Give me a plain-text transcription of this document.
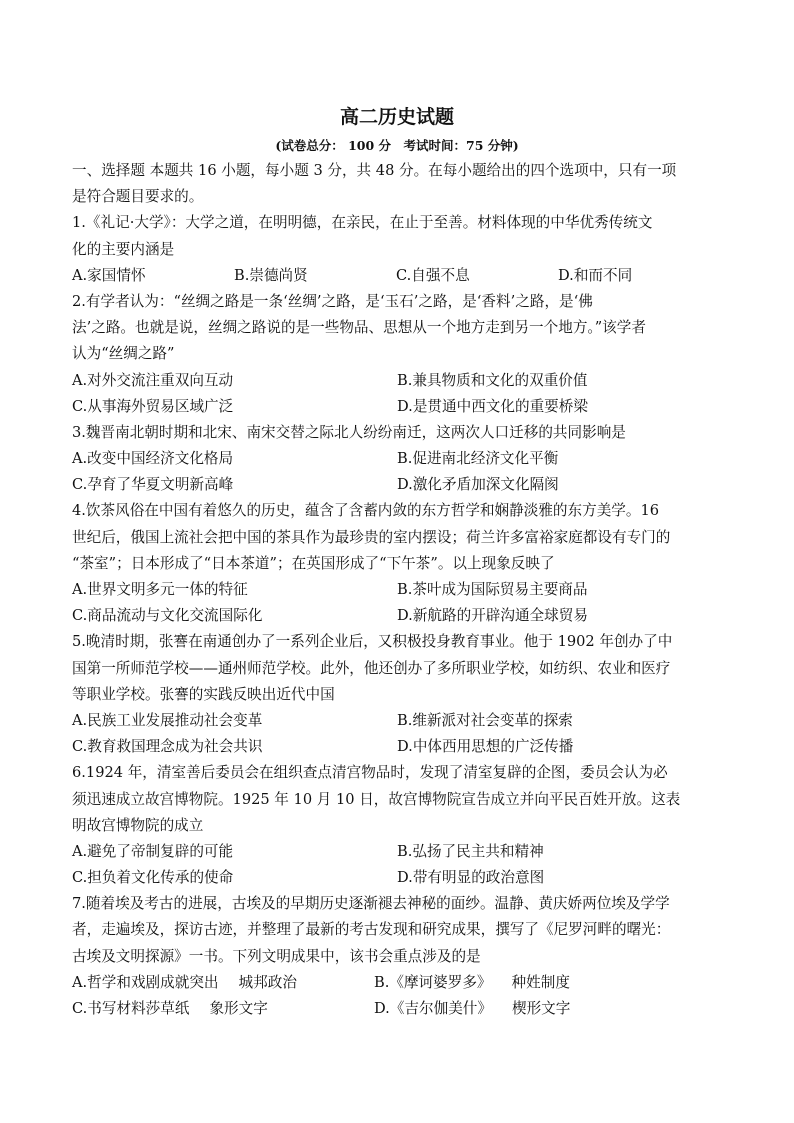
高二历史试题
(试卷总分： 100 分　考试时间：75 分钟)
一、选择题 本题共 16 小题，每小题 3 分，共 48 分。在每小题给出的四个选项中，只有一项
是符合题目要求的。
1.《礼记·大学》：大学之道，在明明德，在亲民，在止于至善。材料体现的中华优秀传统文
化的主要内涵是
A.家国情怀	B.崇德尚贤	C.自强不息	D.和而不同
2.有学者认为：“丝绸之路是一条‘丝绸’之路，是‘玉石’之路，是‘香料’之路，是‘佛
法’之路。也就是说，丝绸之路说的是一些物品、思想从一个地方走到另一个地方。”该学者
认为“丝绸之路”
A.对外交流注重双向互动	B.兼具物质和文化的双重价值
C.从事海外贸易区域广泛	D.是贯通中西文化的重要桥梁
3.魏晋南北朝时期和北宋、南宋交替之际北人纷纷南迁，这两次人口迁移的共同影响是
A.改变中国经济文化格局	B.促进南北经济文化平衡
C.孕育了华夏文明新高峰	D.激化矛盾加深文化隔阂
4.饮茶风俗在中国有着悠久的历史，蕴含了含蓄内敛的东方哲学和娴静淡雅的东方美学。16
世纪后，俄国上流社会把中国的茶具作为最珍贵的室内摆设；荷兰许多富裕家庭都设有专门的
“茶室”；日本形成了“日本茶道”；在英国形成了“下午茶”。以上现象反映了
A.世界文明多元一体的特征	B.茶叶成为国际贸易主要商品
C.商品流动与文化交流国际化	D.新航路的开辟沟通全球贸易
5.晚清时期，张謇在南通创办了一系列企业后，又积极投身教育事业。他于 1902 年创办了中
国第一所师范学校——通州师范学校。此外，他还创办了多所职业学校，如纺织、农业和医疗
等职业学校。张謇的实践反映出近代中国
A.民族工业发展推动社会变革	B.维新派对社会变革的探索
C.教育救国理念成为社会共识	D.中体西用思想的广泛传播
6.1924 年，清室善后委员会在组织查点清宫物品时，发现了清室复辟的企图，委员会认为必
须迅速成立故宫博物院。1925 年 10 月 10 日，故宫博物院宣告成立并向平民百姓开放。这表
明故宫博物院的成立
A.避免了帝制复辟的可能	B.弘扬了民主共和精神
C.担负着文化传承的使命	D.带有明显的政治意图
7.随着埃及考古的进展，古埃及的早期历史逐渐褪去神秘的面纱。温静、黄庆娇两位埃及学学
者，走遍埃及，探访古迹，并整理了最新的考古发现和研究成果，撰写了《尼罗河畔的曙光：
古埃及文明探源》一书。下列文明成果中，该书会重点涉及的是
A.哲学和戏剧成就突出 城邦政治	B.《摩诃婆罗多》 种姓制度
C.书写材料莎草纸 象形文字	D.《吉尔伽美什》 楔形文字
